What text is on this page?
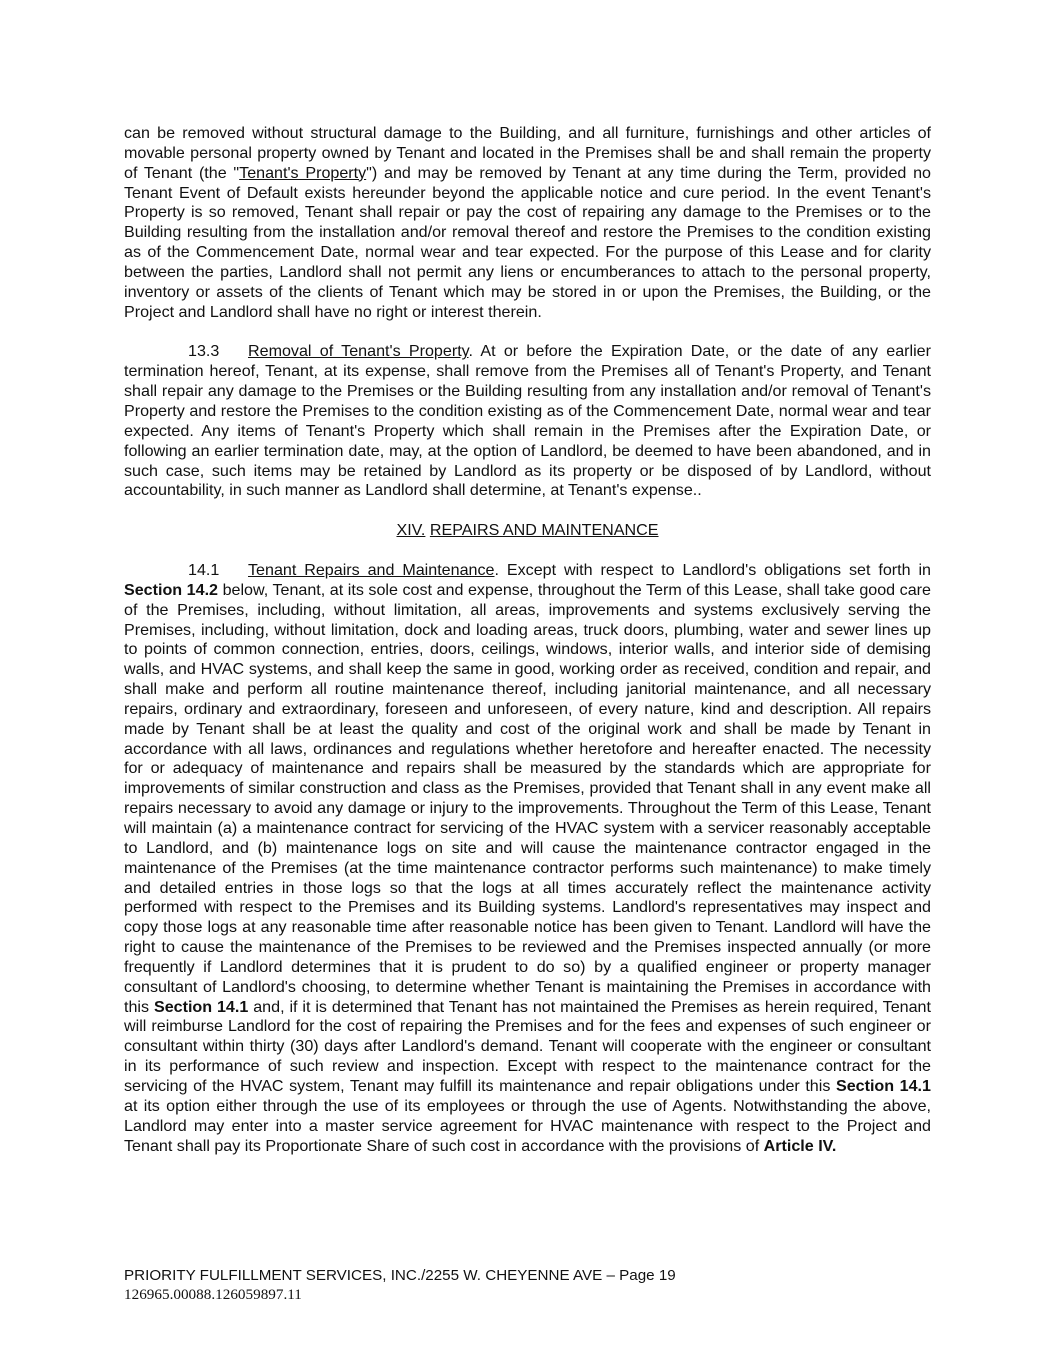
can be removed without structural damage to the Building, and all furniture, furnishings and other articles of movable personal property owned by Tenant and located in the Premises shall be and shall remain the property of Tenant (the "Tenant's Property") and may be removed by Tenant at any time during the Term, provided no Tenant Event of Default exists hereunder beyond the applicable notice and cure period. In the event Tenant's Property is so removed, Tenant shall repair or pay the cost of repairing any damage to the Premises or to the Building resulting from the installation and/or removal thereof and restore the Premises to the condition existing as of the Commencement Date, normal wear and tear expected. For the purpose of this Lease and for clarity between the parties, Landlord shall not permit any liens or encumberances to attach to the personal property, inventory or assets of the clients of Tenant which may be stored in or upon the Premises, the Building, or the Project and Landlord shall have no right or interest therein.

13.3 Removal of Tenant's Property. At or before the Expiration Date, or the date of any earlier termination hereof, Tenant, at its expense, shall remove from the Premises all of Tenant's Property, and Tenant shall repair any damage to the Premises or the Building resulting from any installation and/or removal of Tenant's Property and restore the Premises to the condition existing as of the Commencement Date, normal wear and tear expected. Any items of Tenant's Property which shall remain in the Premises after the Expiration Date, or following an earlier termination date, may, at the option of Landlord, be deemed to have been abandoned, and in such case, such items may be retained by Landlord as its property or be disposed of by Landlord, without accountability, in such manner as Landlord shall determine, at Tenant's expense..

XIV. REPAIRS AND MAINTENANCE

14.1 Tenant Repairs and Maintenance. Except with respect to Landlord's obligations set forth in Section 14.2 below, Tenant, at its sole cost and expense, throughout the Term of this Lease, shall take good care of the Premises, including, without limitation, all areas, improvements and systems exclusively serving the Premises, including, without limitation, dock and loading areas, truck doors, plumbing, water and sewer lines up to points of common connection, entries, doors, ceilings, windows, interior walls, and interior side of demising walls, and HVAC systems, and shall keep the same in good, working order as received, condition and repair, and shall make and perform all routine maintenance thereof, including janitorial maintenance, and all necessary repairs, ordinary and extraordinary, foreseen and unforeseen, of every nature, kind and description. All repairs made by Tenant shall be at least the quality and cost of the original work and shall be made by Tenant in accordance with all laws, ordinances and regulations whether heretofore and hereafter enacted. The necessity for or adequacy of maintenance and repairs shall be measured by the standards which are appropriate for improvements of similar construction and class as the Premises, provided that Tenant shall in any event make all repairs necessary to avoid any damage or injury to the improvements. Throughout the Term of this Lease, Tenant will maintain (a) a maintenance contract for servicing of the HVAC system with a servicer reasonably acceptable to Landlord, and (b) maintenance logs on site and will cause the maintenance contractor engaged in the maintenance of the Premises (at the time maintenance contractor performs such maintenance) to make timely and detailed entries in those logs so that the logs at all times accurately reflect the maintenance activity performed with respect to the Premises and its Building systems. Landlord's representatives may inspect and copy those logs at any reasonable time after reasonable notice has been given to Tenant. Landlord will have the right to cause the maintenance of the Premises to be reviewed and the Premises inspected annually (or more frequently if Landlord determines that it is prudent to do so) by a qualified engineer or property manager consultant of Landlord's choosing, to determine whether Tenant is maintaining the Premises in accordance with this Section 14.1 and, if it is determined that Tenant has not maintained the Premises as herein required, Tenant will reimburse Landlord for the cost of repairing the Premises and for the fees and expenses of such engineer or consultant within thirty (30) days after Landlord's demand. Tenant will cooperate with the engineer or consultant in its performance of such review and inspection. Except with respect to the maintenance contract for the servicing of the HVAC system, Tenant may fulfill its maintenance and repair obligations under this Section 14.1 at its option either through the use of its employees or through the use of Agents. Notwithstanding the above, Landlord may enter into a master service agreement for HVAC maintenance with respect to the Project and Tenant shall pay its Proportionate Share of such cost in accordance with the provisions of Article IV.

PRIORITY FULFILLMENT SERVICES, INC./2255 W. CHEYENNE AVE – Page 19
126965.00088.126059897.11
